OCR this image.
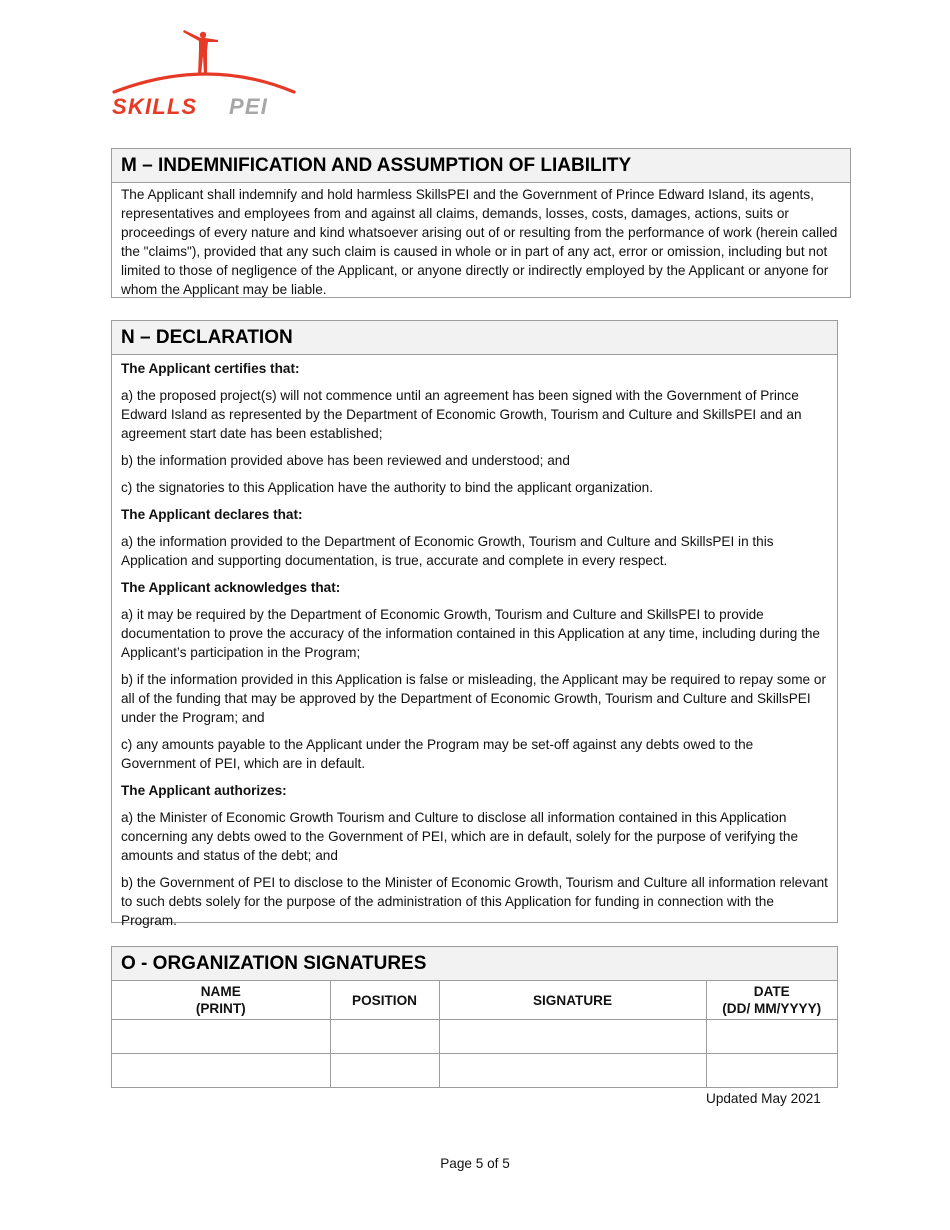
SKILLS PEI
M – INDEMNIFICATION AND ASSUMPTION OF LIABILITY

The Applicant shall indemnify and hold harmless SkillsPEI and the Government of Prince Edward Island, its agents, representatives and employees from and against all claims, demands, losses, costs, damages, actions, suits or proceedings of every nature and kind whatsoever arising out of or resulting from the performance of work (herein called the "claims"), provided that any such claim is caused in whole or in part of any act, error or omission, including but not limited to those of negligence of the Applicant, or anyone directly or indirectly employed by the Applicant or anyone for whom the Applicant may be liable.

N – DECLARATION

The Applicant certifies that:

a) the proposed project(s) will not commence until an agreement has been signed with the Government of Prince Edward Island as represented by the Department of Economic Growth, Tourism and Culture and SkillsPEI and an agreement start date has been established;

b) the information provided above has been reviewed and understood; and

c) the signatories to this Application have the authority to bind the applicant organization.

The Applicant declares that:

a) the information provided to the Department of Economic Growth, Tourism and Culture and SkillsPEI in this Application and supporting documentation, is true, accurate and complete in every respect.

The Applicant acknowledges that:

a) it may be required by the Department of Economic Growth, Tourism and Culture and SkillsPEI to provide documentation to prove the accuracy of the information contained in this Application at any time, including during the Applicant’s participation in the Program;

b) if the information provided in this Application is false or misleading, the Applicant may be required to repay some or all of the funding that may be approved by the Department of Economic Growth, Tourism and Culture and SkillsPEI under the Program; and

c) any amounts payable to the Applicant under the Program may be set-off against any debts owed to the Government of PEI, which are in default.

The Applicant authorizes:

a) the Minister of Economic Growth Tourism and Culture to disclose all information contained in this Application concerning any debts owed to the Government of PEI, which are in default, solely for the purpose of verifying the amounts and status of the debt; and

b) the Government of PEI to disclose to the Minister of Economic Growth, Tourism and Culture all information relevant to such debts solely for the purpose of the administration of this Application for funding in connection with the Program.

O - ORGANIZATION SIGNATURES
NAME
(PRINT)	POSITION	SIGNATURE	DATE
(DD/ MM/YYYY)

Updated May 2021
Page 5 of 5
